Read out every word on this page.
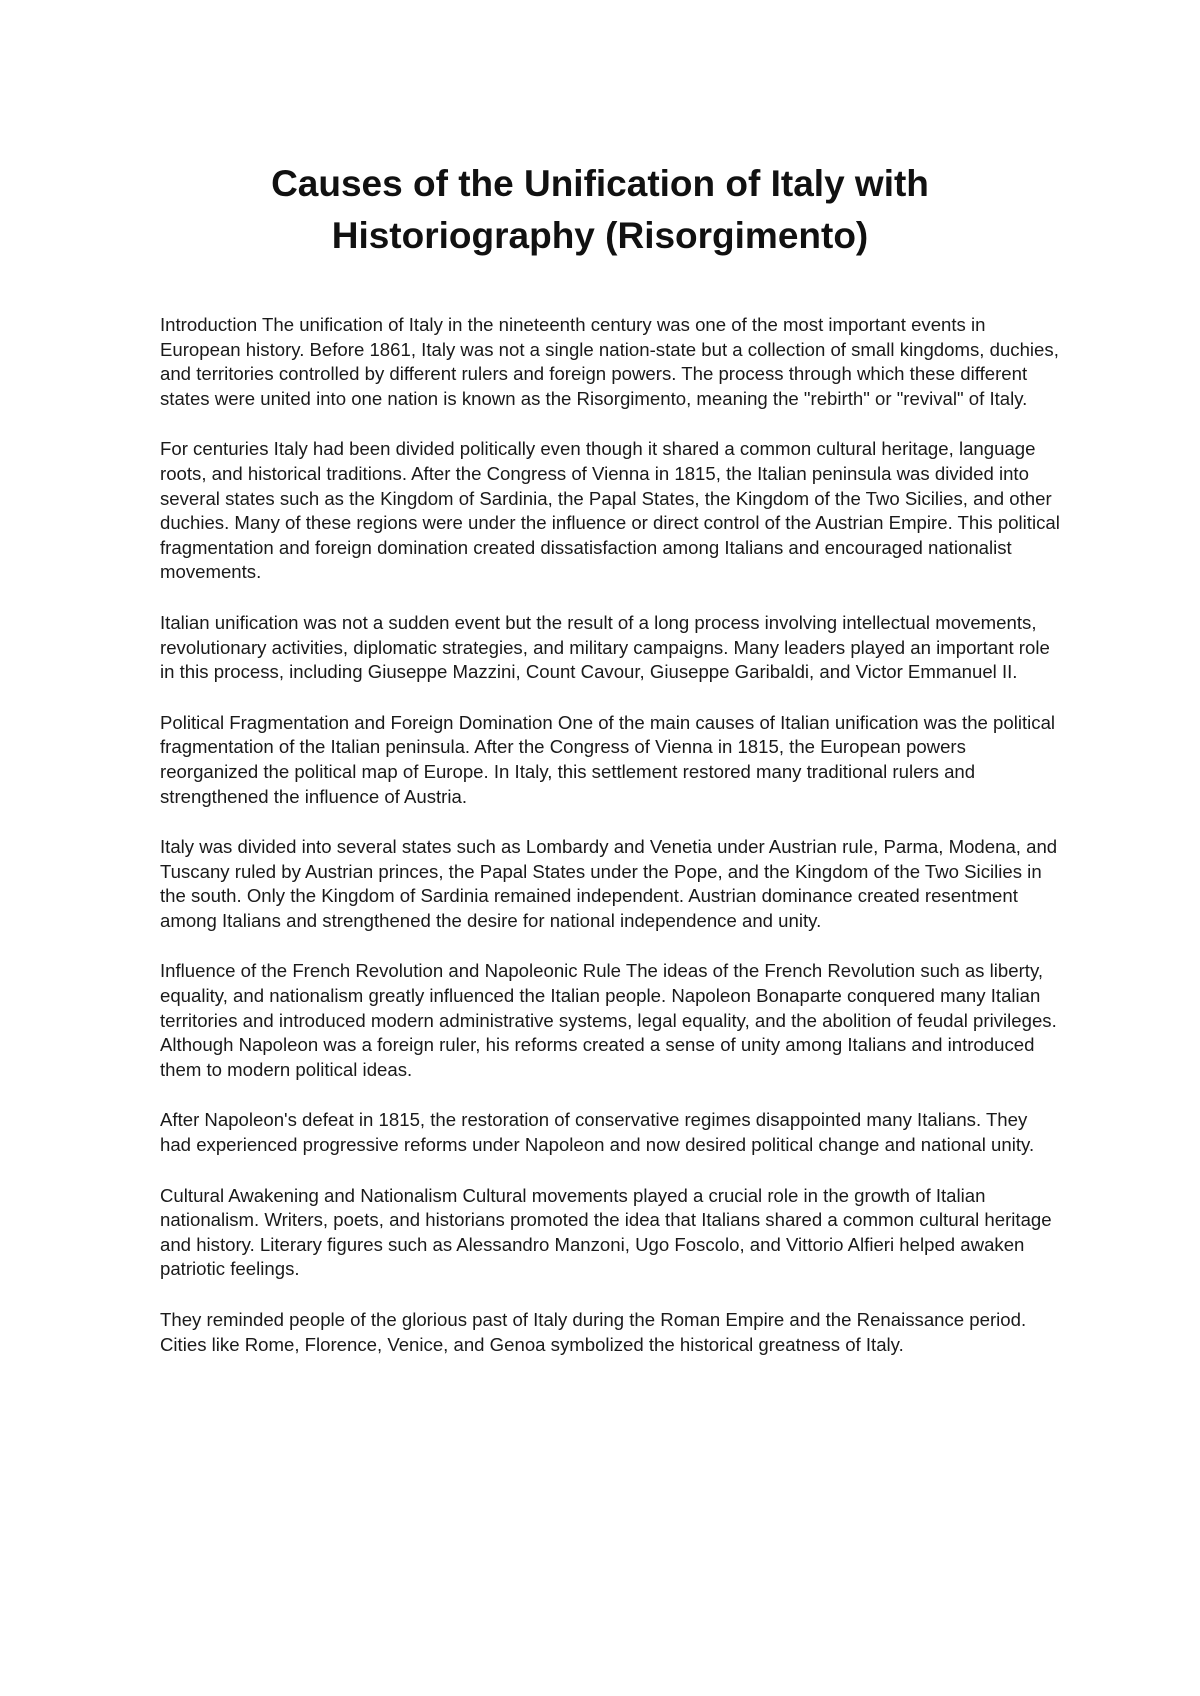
Causes of the Unification of Italy with
Historiography (Risorgimento)

Introduction The unification of Italy in the nineteenth century was one of the most important events in European history. Before 1861, Italy was not a single nation-state but a collection of small kingdoms, duchies, and territories controlled by different rulers and foreign powers. The process through which these different states were united into one nation is known as the Risorgimento, meaning the "rebirth" or "revival" of Italy.

For centuries Italy had been divided politically even though it shared a common cultural heritage, language roots, and historical traditions. After the Congress of Vienna in 1815, the Italian peninsula was divided into several states such as the Kingdom of Sardinia, the Papal States, the Kingdom of the Two Sicilies, and other duchies. Many of these regions were under the influence or direct control of the Austrian Empire. This political fragmentation and foreign domination created dissatisfaction among Italians and encouraged nationalist movements.

Italian unification was not a sudden event but the result of a long process involving intellectual movements, revolutionary activities, diplomatic strategies, and military campaigns. Many leaders played an important role in this process, including Giuseppe Mazzini, Count Cavour, Giuseppe Garibaldi, and Victor Emmanuel II.

Political Fragmentation and Foreign Domination One of the main causes of Italian unification was the political fragmentation of the Italian peninsula. After the Congress of Vienna in 1815, the European powers reorganized the political map of Europe. In Italy, this settlement restored many traditional rulers and strengthened the influence of Austria.

Italy was divided into several states such as Lombardy and Venetia under Austrian rule, Parma, Modena, and Tuscany ruled by Austrian princes, the Papal States under the Pope, and the Kingdom of the Two Sicilies in the south. Only the Kingdom of Sardinia remained independent. Austrian dominance created resentment among Italians and strengthened the desire for national independence and unity.

Influence of the French Revolution and Napoleonic Rule The ideas of the French Revolution such as liberty, equality, and nationalism greatly influenced the Italian people. Napoleon Bonaparte conquered many Italian territories and introduced modern administrative systems, legal equality, and the abolition of feudal privileges. Although Napoleon was a foreign ruler, his reforms created a sense of unity among Italians and introduced them to modern political ideas.

After Napoleon's defeat in 1815, the restoration of conservative regimes disappointed many Italians. They had experienced progressive reforms under Napoleon and now desired political change and national unity.

Cultural Awakening and Nationalism Cultural movements played a crucial role in the growth of Italian nationalism. Writers, poets, and historians promoted the idea that Italians shared a common cultural heritage and history. Literary figures such as Alessandro Manzoni, Ugo Foscolo, and Vittorio Alfieri helped awaken patriotic feelings.

They reminded people of the glorious past of Italy during the Roman Empire and the Renaissance period. Cities like Rome, Florence, Venice, and Genoa symbolized the historical greatness of Italy.
